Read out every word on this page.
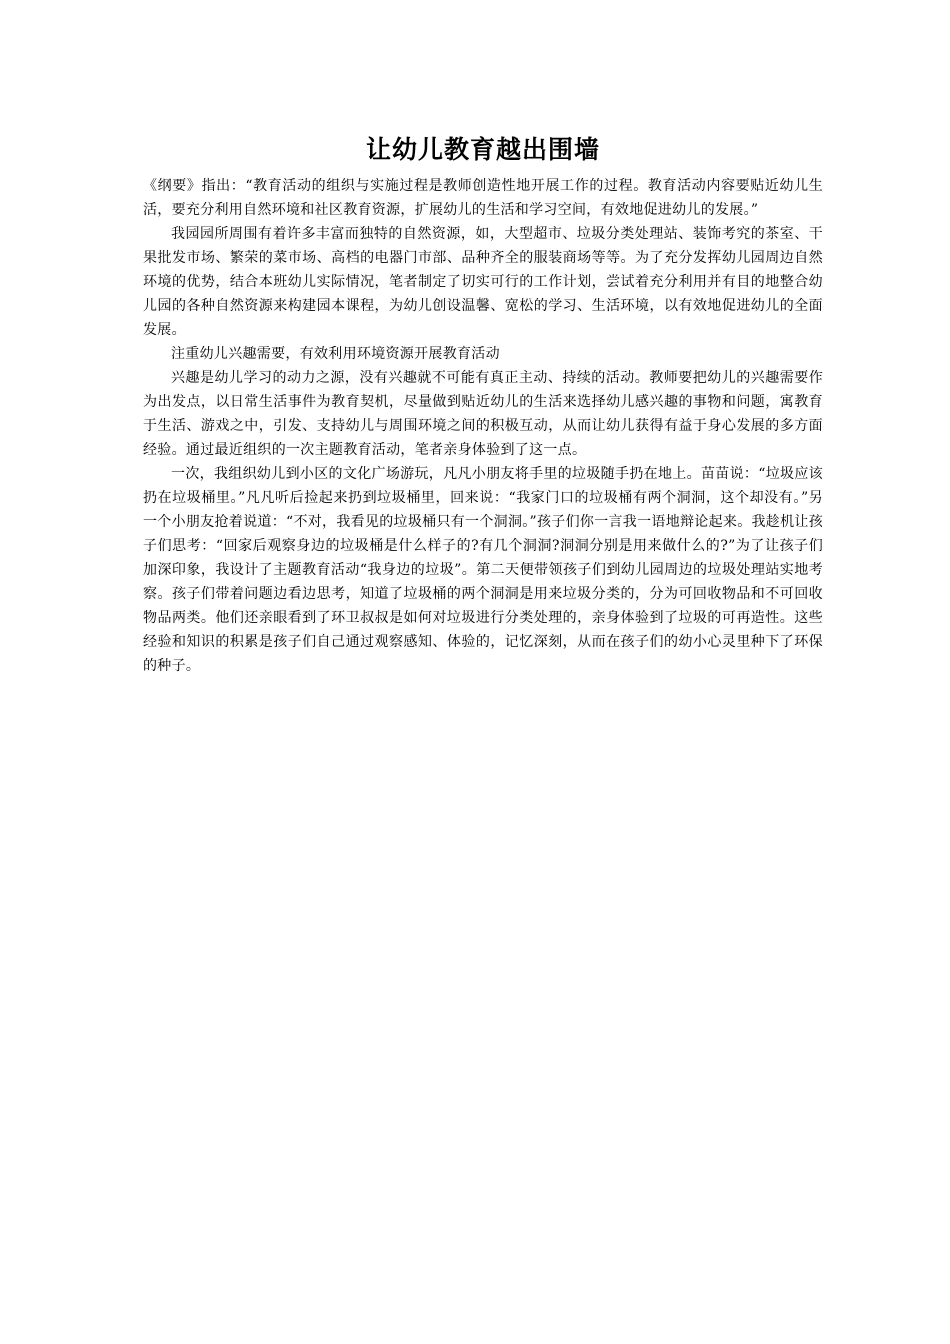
让幼儿教育越出围墙

《纲要》指出：“教育活动的组织与实施过程是教师创造性地开展工作的过程。教育活动内容要贴近幼儿生活，要充分利用自然环境和社区教育资源，扩展幼儿的生活和学习空间，有效地促进幼儿的发展。”

我园园所周围有着许多丰富而独特的自然资源，如，大型超市、垃圾分类处理站、装饰考究的茶室、干果批发市场、繁荣的菜市场、高档的电器门市部、品种齐全的服装商场等等。为了充分发挥幼儿园周边自然环境的优势，结合本班幼儿实际情况，笔者制定了切实可行的工作计划，尝试着充分利用并有目的地整合幼儿园的各种自然资源来构建园本课程，为幼儿创设温馨、宽松的学习、生活环境，以有效地促进幼儿的全面发展。

注重幼儿兴趣需要，有效利用环境资源开展教育活动

兴趣是幼儿学习的动力之源，没有兴趣就不可能有真正主动、持续的活动。教师要把幼儿的兴趣需要作为出发点，以日常生活事件为教育契机，尽量做到贴近幼儿的生活来选择幼儿感兴趣的事物和问题，寓教育于生活、游戏之中，引发、支持幼儿与周围环境之间的积极互动，从而让幼儿获得有益于身心发展的多方面经验。通过最近组织的一次主题教育活动，笔者亲身体验到了这一点。

一次，我组织幼儿到小区的文化广场游玩，凡凡小朋友将手里的垃圾随手扔在地上。苗苗说：“垃圾应该扔在垃圾桶里。”凡凡听后捡起来扔到垃圾桶里，回来说：“我家门口的垃圾桶有两个洞洞，这个却没有。”另一个小朋友抢着说道：“不对，我看见的垃圾桶只有一个洞洞。”孩子们你一言我一语地辩论起来。我趁机让孩子们思考：“回家后观察身边的垃圾桶是什么样子的?有几个洞洞?洞洞分别是用来做什么的?”为了让孩子们加深印象，我设计了主题教育活动“我身边的垃圾”。第二天便带领孩子们到幼儿园周边的垃圾处理站实地考察。孩子们带着问题边看边思考，知道了垃圾桶的两个洞洞是用来垃圾分类的，分为可回收物品和不可回收物品两类。他们还亲眼看到了环卫叔叔是如何对垃圾进行分类处理的，亲身体验到了垃圾的可再造性。这些经验和知识的积累是孩子们自己通过观察感知、体验的，记忆深刻，从而在孩子们的幼小心灵里种下了环保的种子。
